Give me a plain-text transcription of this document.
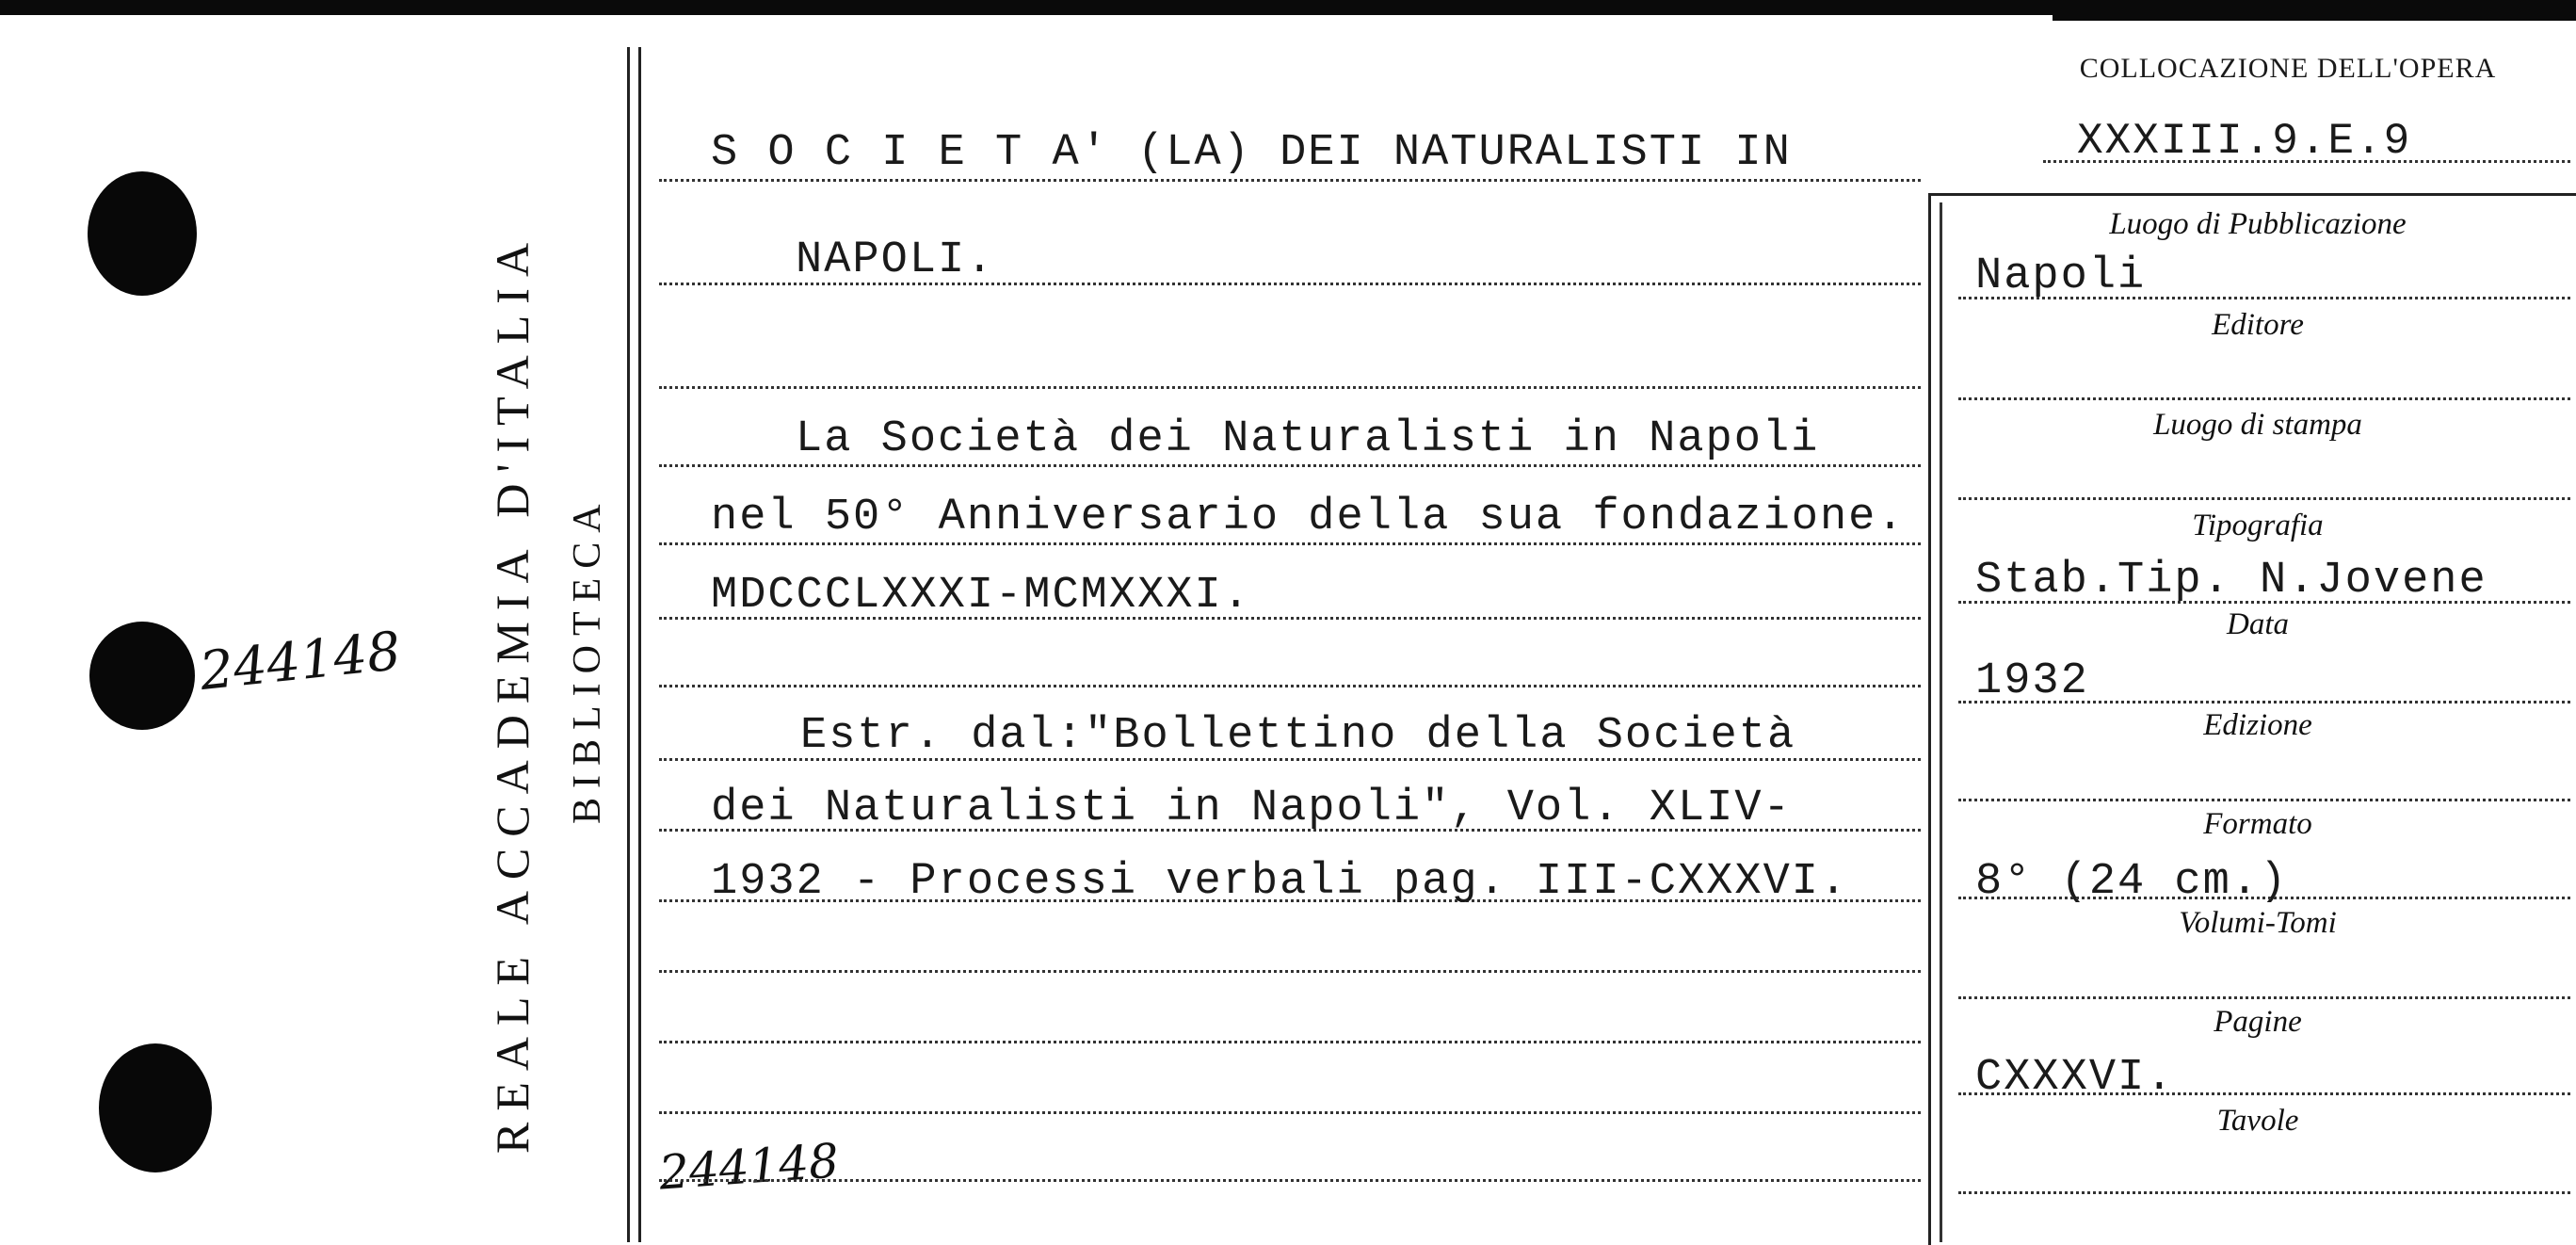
244148
244148
REALE ACCADEMIA D'ITALIA BIBLIOTECA
COLLOCAZIONE DELL'OPERA
XXXIII.9.E.9
S O C I E T A' (LA) DEI NATURALISTI IN
NAPOLI.
La Società dei Naturalisti in Napoli
nel 50° Anniversario della sua fondazione.
MDCCCLXXXI-MCMXXXI.
Estr. dal:"Bollettino della Società
dei Naturalisti in Napoli", Vol. XLIV-
1932 - Processi verbali pag. III-CXXXVI.
Luogo di Pubblicazione
Napoli
Editore
Luogo di stampa
Tipografia
Stab.Tip. N.Jovene
Data
1932
Edizione
Formato
8° (24 cm.)
Volumi-Tomi
Pagine
CXXXVI.
Tavole
